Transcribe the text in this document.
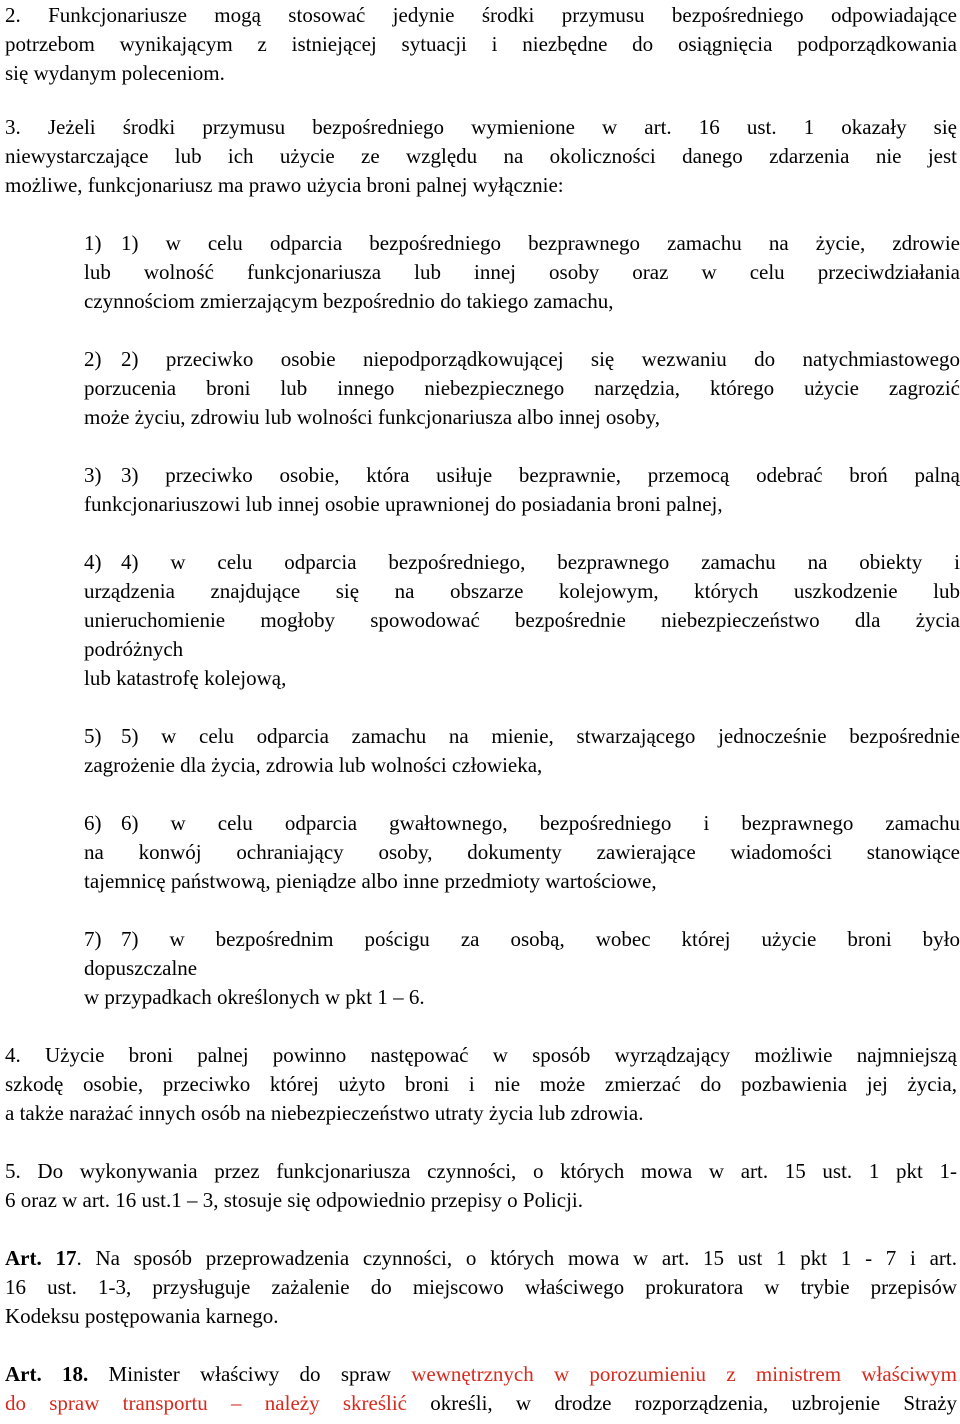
2. Funkcjonariusze mogą stosować jedynie środki przymusu bezpośredniego odpowiadające
potrzebom wynikającym z istniejącej sytuacji i niezbędne do osiągnięcia podporządkowania
się wydanym poleceniom.
3. Jeżeli środki przymusu bezpośredniego wymienione w art. 16 ust. 1 okazały się
niewystarczające lub ich użycie ze względu na okoliczności danego zdarzenia nie jest
możliwe, funkcjonariusz ma prawo użycia broni palnej wyłącznie:
1) 1) w celu odparcia bezpośredniego bezprawnego zamachu na życie, zdrowie
lub wolność funkcjonariusza lub innej osoby oraz w celu przeciwdziałania
czynnościom zmierzającym bezpośrednio do takiego zamachu,
2) 2) przeciwko osobie niepodporządkowującej się wezwaniu do natychmiastowego
porzucenia broni lub innego niebezpiecznego narzędzia, którego użycie zagrozić
może życiu, zdrowiu lub wolności funkcjonariusza albo innej osoby,
3) 3) przeciwko osobie, która usiłuje bezprawnie, przemocą odebrać broń palną
funkcjonariuszowi lub innej osobie uprawnionej do posiadania broni palnej,
4) 4) w celu odparcia bezpośredniego, bezprawnego zamachu na obiekty i
urządzenia znajdujące się na obszarze kolejowym, których uszkodzenie lub
unieruchomienie mogłoby spowodować bezpośrednie niebezpieczeństwo dla życia
podróżnych
lub katastrofę kolejową,
5) 5) w celu odparcia zamachu na mienie, stwarzającego jednocześnie bezpośrednie
zagrożenie dla życia, zdrowia lub wolności człowieka,
6) 6) w celu odparcia gwałtownego, bezpośredniego i bezprawnego zamachu
na konwój ochraniający osoby, dokumenty zawierające wiadomości stanowiące
tajemnicę państwową, pieniądze albo inne przedmioty wartościowe,
7) 7) w bezpośrednim pościgu za osobą, wobec której użycie broni było
dopuszczalne
w przypadkach określonych w pkt 1 – 6.
4. Użycie broni palnej powinno następować w sposób wyrządzający możliwie najmniejszą
szkodę osobie, przeciwko której użyto broni i nie może zmierzać do pozbawienia jej życia,
a także narażać innych osób na niebezpieczeństwo utraty życia lub zdrowia.
5. Do wykonywania przez funkcjonariusza czynności, o których mowa w art. 15 ust. 1 pkt 1-
6 oraz w art. 16 ust.1 – 3, stosuje się odpowiednio przepisy o Policji.
Art. 17. Na sposób przeprowadzenia czynności, o których mowa w art. 15 ust 1 pkt 1 - 7 i art.
16 ust. 1-3, przysługuje zażalenie do miejscowo właściwego prokuratora w trybie przepisów
Kodeksu postępowania karnego.
Art. 18. Minister właściwy do spraw wewnętrznych w porozumieniu z ministrem właściwym
do spraw transportu – należy skreślić określi, w drodze rozporządzenia, uzbrojenie Straży
